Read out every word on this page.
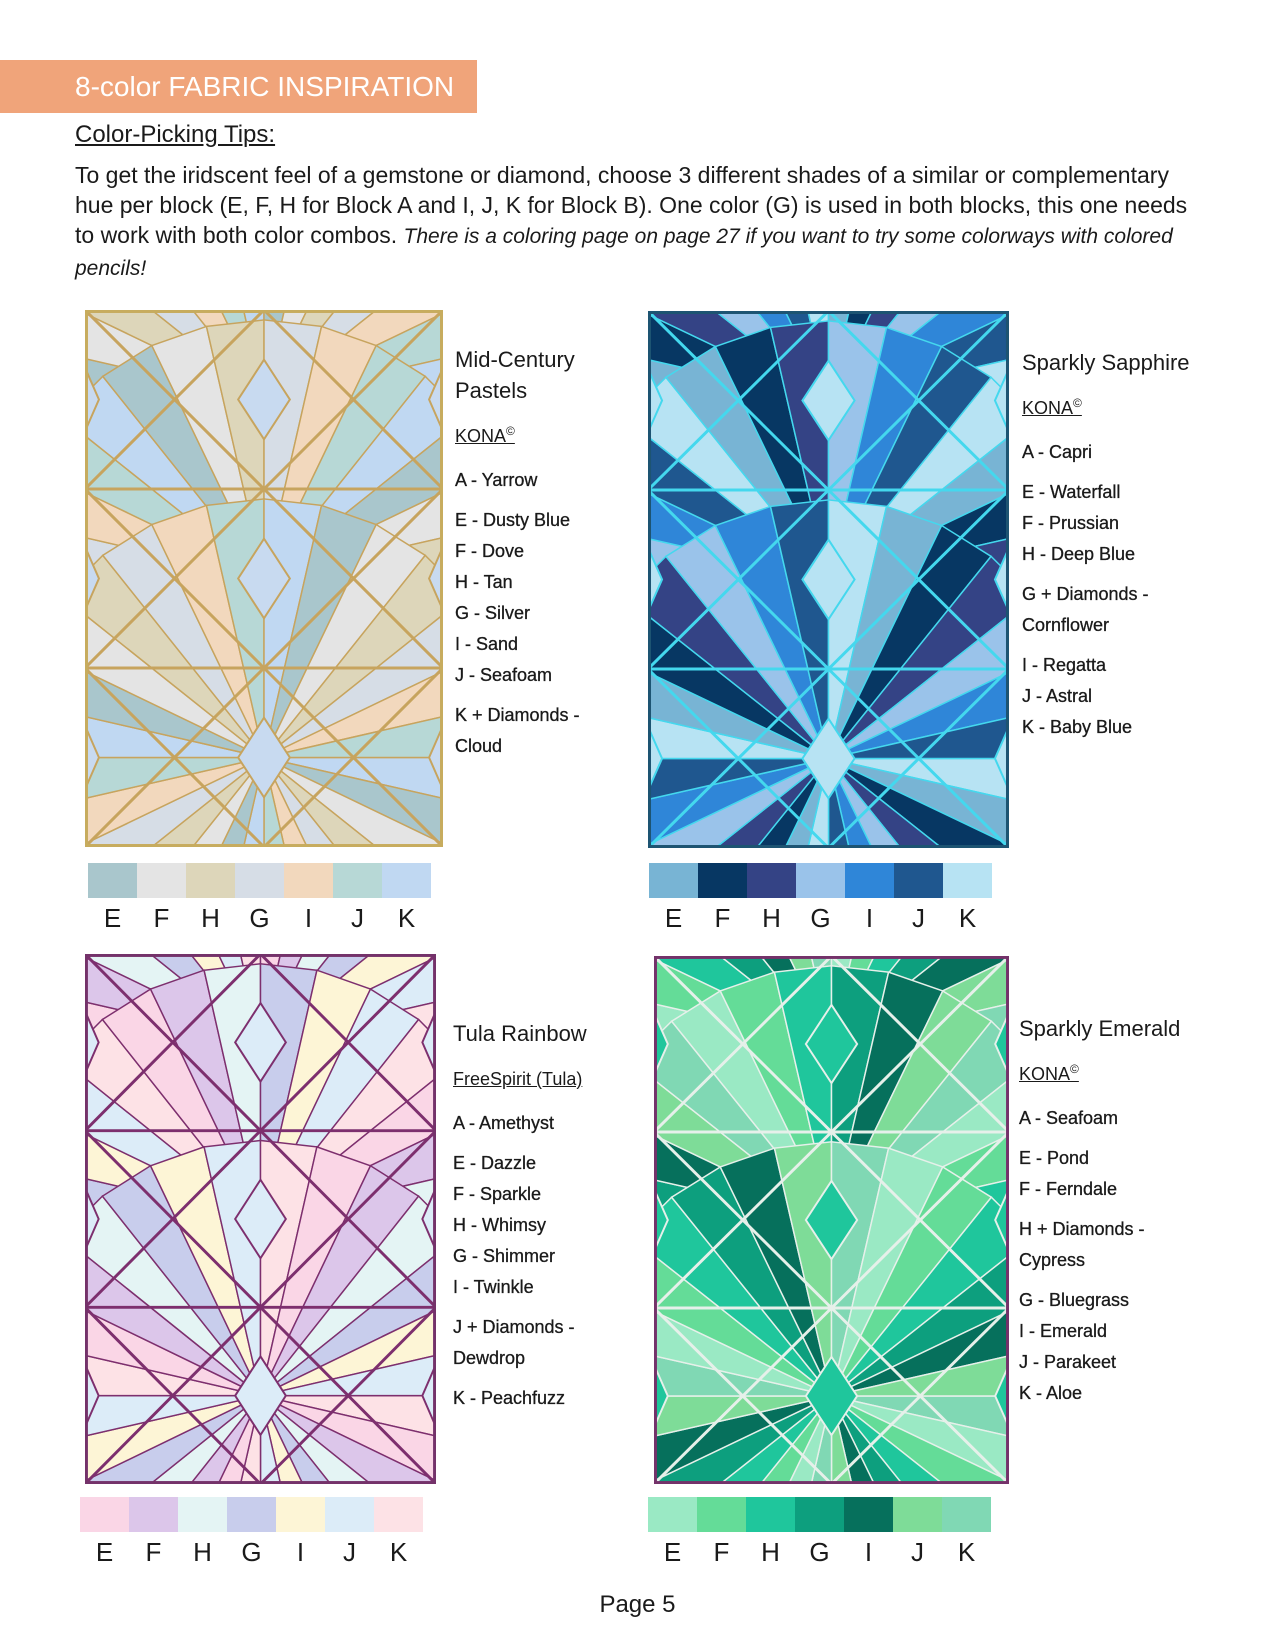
8-color FABRIC INSPIRATION
Color-Picking Tips:

To get the iridscent feel of a gemstone or diamond, choose 3 different shades of a similar or complementary hue per block (E, F, H for Block A and I, J, K for Block B). One color (G) is used in both blocks, this one needs to work with both color combos. There is a coloring page on page 27 if you want to try some colorways with colored pencils!

Mid-Century Pastels
KONA©
A - Yarrow
E - Dusty Blue
F - Dove
H - Tan
G - Silver
I - Sand
J - Seafoam
K + Diamonds - Cloud
E	F	H	G	I	J	K
Sparkly Sapphire
KONA©
A - Capri
E - Waterfall
F - Prussian
H - Deep Blue
G + Diamonds - Cornflower
I - Regatta
J - Astral
K - Baby Blue
E	F	H	G	I	J	K
Tula Rainbow
FreeSpirit (Tula)
A - Amethyst
E - Dazzle
F - Sparkle
H - Whimsy
G - Shimmer
I - Twinkle
J + Diamonds - Dewdrop
K - Peachfuzz
E	F	H	G	I	J	K
Sparkly Emerald
KONA©
A - Seafoam
E - Pond
F - Ferndale
H + Diamonds - Cypress
G - Bluegrass
I - Emerald
J - Parakeet
K - Aloe
E	F	H	G	I	J	K
Page 5
